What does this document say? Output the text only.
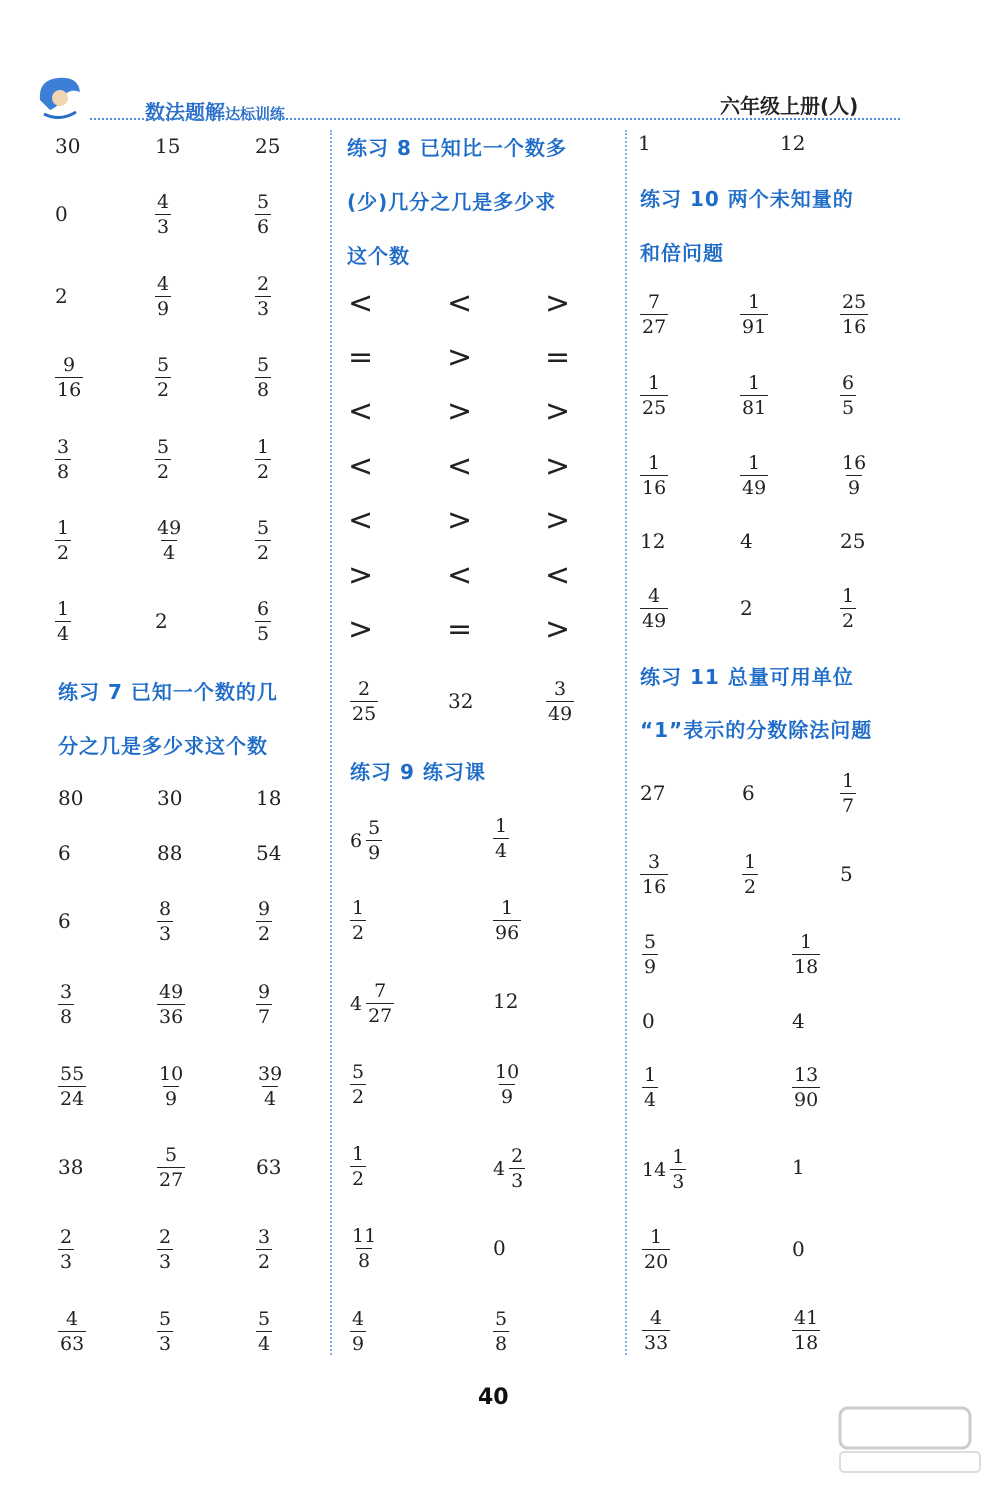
数法题解达标训练	六年级上册(人)
30	15	25
0	$\frac{4}{3}$	$\frac{5}{6}$
2	$\frac{4}{9}$	$\frac{2}{3}$
$\frac{9}{16}$	$\frac{5}{2}$	$\frac{5}{8}$
$\frac{3}{8}$	$\frac{5}{2}$	$\frac{1}{2}$
$\frac{1}{2}$	$\frac{49}{4}$	$\frac{5}{2}$
$\frac{1}{4}$	2	$\frac{6}{5}$
80	30	18
6	88	54
6	$\frac{8}{3}$	$\frac{9}{2}$
$\frac{3}{8}$	$\frac{49}{36}$	$\frac{9}{7}$
$\frac{55}{24}$	$\frac{10}{9}$	$\frac{39}{4}$
38	$\frac{5}{27}$	63
$\frac{2}{3}$	$\frac{2}{3}$	$\frac{3}{2}$
$\frac{4}{63}$	$\frac{5}{3}$	$\frac{5}{4}$
练习 7 已知一个数的几
分之几是多少求这个数
练习 8 已知比一个数多
(少)几分之几是多少求
这个数
练习 9 练习课
< < >
= > =
< > >
< < >
< > >
> < <
> = >
$\frac{2}{25}$	32	$\frac{3}{49}$
$6 \frac{5}{9}$	$\frac{1}{4}$
$\frac{1}{2}$	$\frac{1}{96}$
$4 \frac{7}{27}$	12
$\frac{5}{2}$	$\frac{10}{9}$
$\frac{1}{2}$	$4 \frac{2}{3}$
$\frac{11}{8}$	0
$\frac{4}{9}$	$\frac{5}{8}$
练习 10 两个未知量的
和倍问题
练习 11 总量可用单位
“1”表示的分数除法问题
1	12
$\frac{7}{27}$	$\frac{1}{91}$	$\frac{25}{16}$
$\frac{1}{25}$	$\frac{1}{81}$	$\frac{6}{5}$
$\frac{1}{16}$	$\frac{1}{49}$	$\frac{16}{9}$
12	4	25
$\frac{4}{49}$	2	$\frac{1}{2}$
27	6	$\frac{1}{7}$
$\frac{3}{16}$	$\frac{1}{2}$	5
$\frac{5}{9}$	$\frac{1}{18}$
0	4
$\frac{1}{4}$	$\frac{13}{90}$
$14 \frac{1}{3}$	1
$\frac{1}{20}$	0
$\frac{4}{33}$	$\frac{41}{18}$
40
